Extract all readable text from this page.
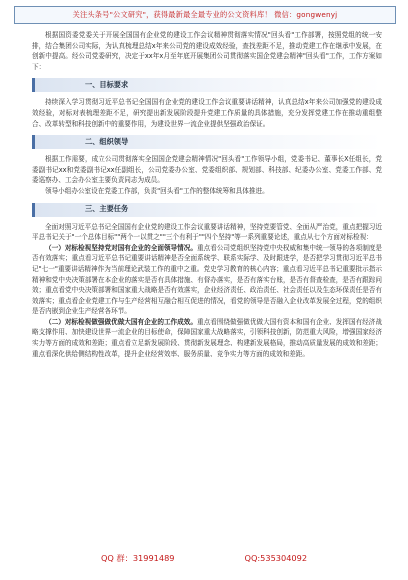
关注头条号"公文研究"，获得最新最全最专业的公文资料库！ 微信：gongwenyj

根据国资委党委关于开展全国国有企业党的建设工作会议精神贯彻落实情况"回头看"工作部署，按照党组的统一安排，结合集团公司实际，为认真梳理总结x年来公司党的建设成效经验，查找差距不足，推动党建工作在继承中发展，在创新中提高。经公司党委研究，决定于xx年x月至年底开展集团公司贯彻落实国企党建会精神"回头看"工作，工作方案如下：

一、目标要求

持续深入学习贯彻习近平总书记全国国有企业党的建设工作会议重要讲话精神，认真总结x年来公司加强党的建设成效经验，对标对表梳理差距不足，研究提出新发展阶段提升党建工作质量的具体措施，充分发挥党建工作在推动重组整合、改革转型和科技创新中的重要作用，为建设世界一流企业提供坚强政治保证。

二、组织领导

根据工作需要，成立公司贯彻落实全国国企党建会精神情况"回头看"工作领导小组，党委书记、董事长X任组长，党委副书记xx和党委副书记xx任副组长，公司党委办公室、党委组织部、规划部、科技部、纪委办公室、党委工作部、党委巡察办、工会办公室主要负责同志为成员。

领导小组办公室设在党委工作部，负责"回头看"工作的整体统筹和具体推进。

三、主要任务

全面对照习近平总书记全国国有企业党的建设工作会议重要讲话精神，坚持党要管党、全面从严治党，重点把握习近平总书记关于"一个总体目标""两个一以贯之""三个有利于""四个坚持"等一系列重要论述，重点从七个方面对标检视：

（一）对标检视坚持党对国有企业的全面领导情况。重点看公司党组织坚持党中央权威和集中统一领导的各项制度是否有效落实；重点看习近平总书记重要讲话精神是否全面系统学、联系实际学、及时跟进学，是否把学习贯彻习近平总书记"七一"重要讲话精神作为当前理论武装工作的重中之重。党史学习教育的核心内容；重点看习近平总书记重要批示指示精神和党中央决策部署在本企业的落实是否有具体措施、有督办落实，是否有落实台账，是否有督查检查，是否有跟踪问效；重点看党中央决策部署和国家重大战略是否有效落实，企业经济责任、政治责任、社会责任以及生态环保责任是否有效落实；重点看企业党建工作与生产经营相互融合相互促进的情况，看党的领导是否融入企业改革发展全过程，党的组织是否内嵌到企业生产经营各环节。

（二）对标检视做强做优做大国有企业的工作成效。重点看围绕做强做优做大国有资本和国有企业、发挥国有经济战略支撑作用、加快建设世界一流企业的目标使命，保障国家重大战略落实，引领科技创新，防范重大风险，增强国家经济实力等方面的成效和差距；重点看立足新发展阶段、贯彻新发展理念、构建新发展格局，推动高质量发展的成效和差距；重点看深化供给侧结构性改革，提升企业经营效率、服务质量、竞争实力等方面的成效和差距。

QQ 群：31991489	QQ:535304092
